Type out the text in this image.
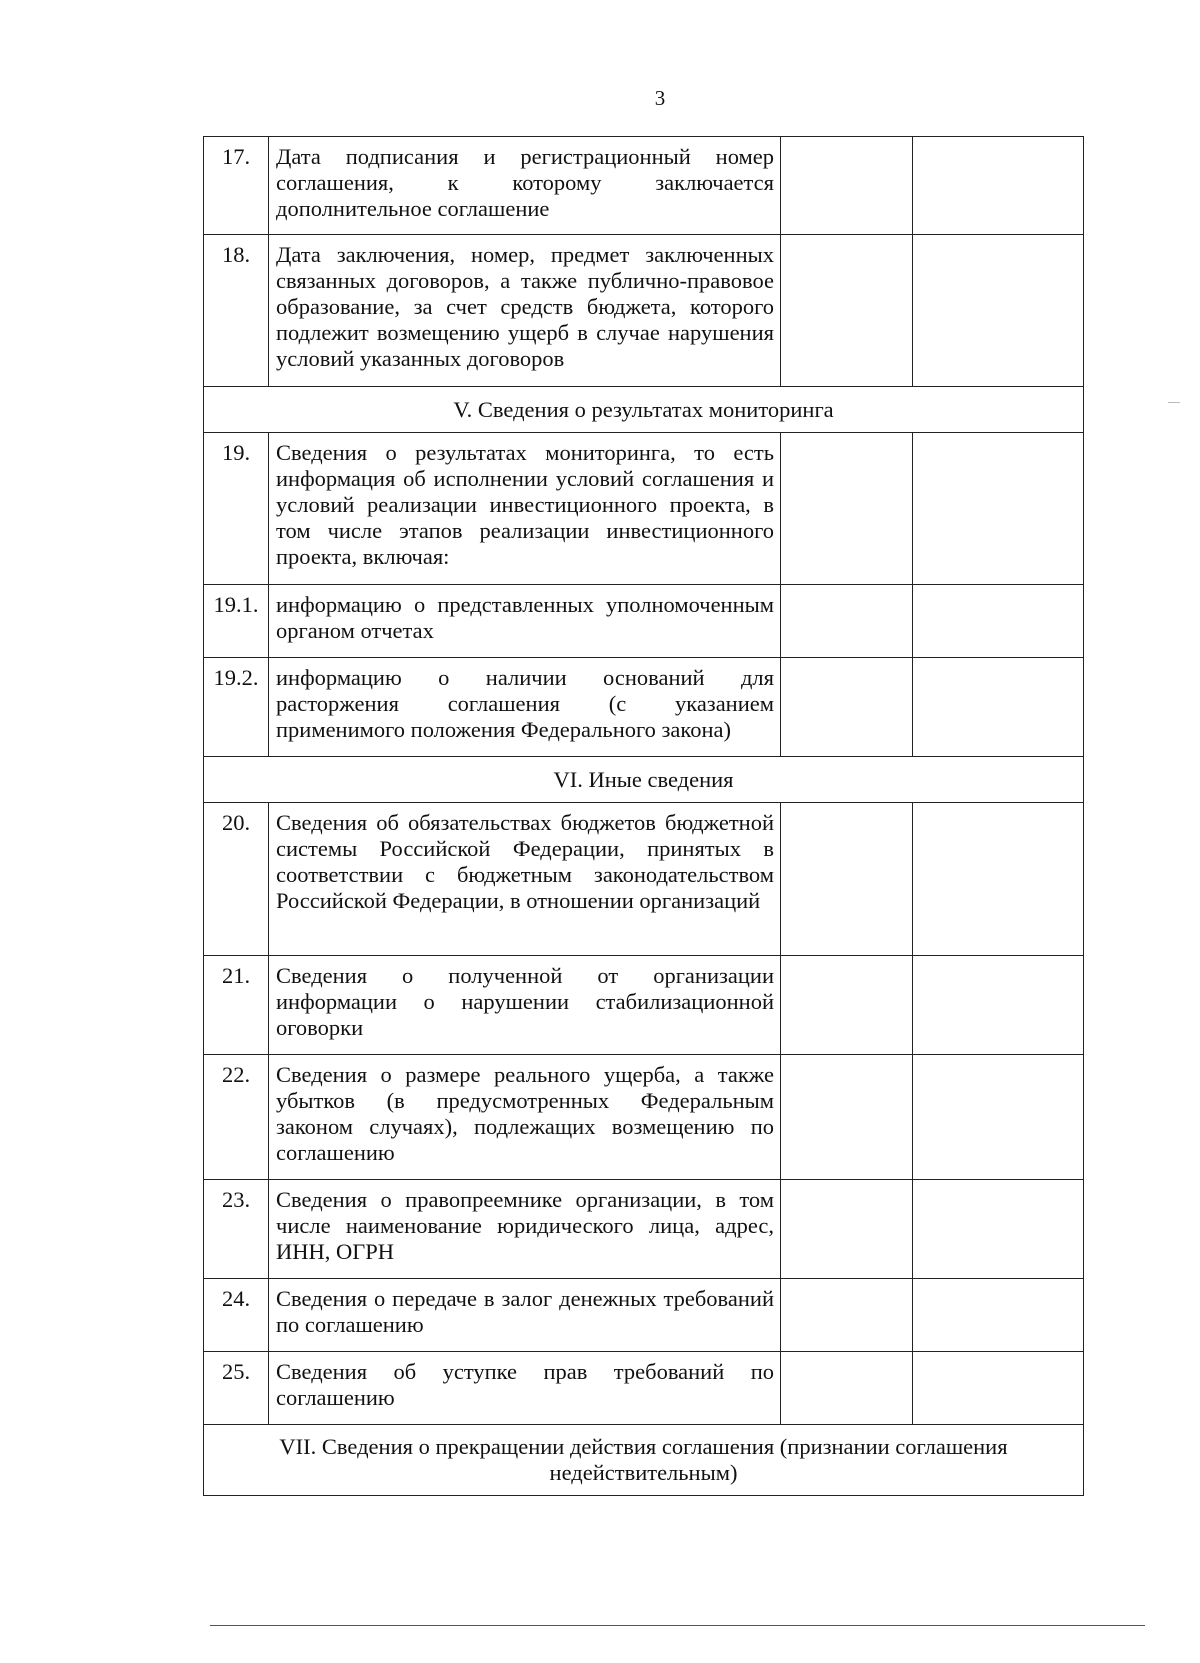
3
17.	Дата подписания и регистрационный номер соглашения, к которому заключается дополнительное соглашение		
18.	Дата заключения, номер, предмет заключенных связанных договоров, а также публично-правовое образование, за счет средств бюджета, которого подлежит возмещению ущерб в случае нарушения условий указанных договоров		
V. Сведения о результатах мониторинга			
19.	Сведения о результатах мониторинга, то есть информация об исполнении условий соглашения и условий реализации инвестиционного проекта, в том числе этапов реализации инвестиционного проекта, включая:		
19.1.	информацию о представленных уполномоченным органом отчетах		
19.2.	информацию о наличии оснований для расторжения соглашения (с указанием применимого положения Федерального закона)		
VI. Иные сведения			
20.	Сведения об обязательствах бюджетов бюджетной системы Российской Федерации, принятых в соответствии с бюджетным законодательством Российской Федерации, в отношении организаций		
21.	Сведения о полученной от организации информации о нарушении стабилизационной оговорки		
22.	Сведения о размере реального ущерба, а также убытков (в предусмотренных Федеральным законом случаях), подлежащих возмещению по соглашению		
23.	Сведения о правопреемнике организации, в том числе наименование юридического лица, адрес, ИНН, ОГРН		
24.	Сведения о передаче в залог денежных требований по соглашению		
25.	Сведения об уступке прав требований по соглашению		
VII. Сведения о прекращении действия соглашения (признании соглашения недействительным)			
